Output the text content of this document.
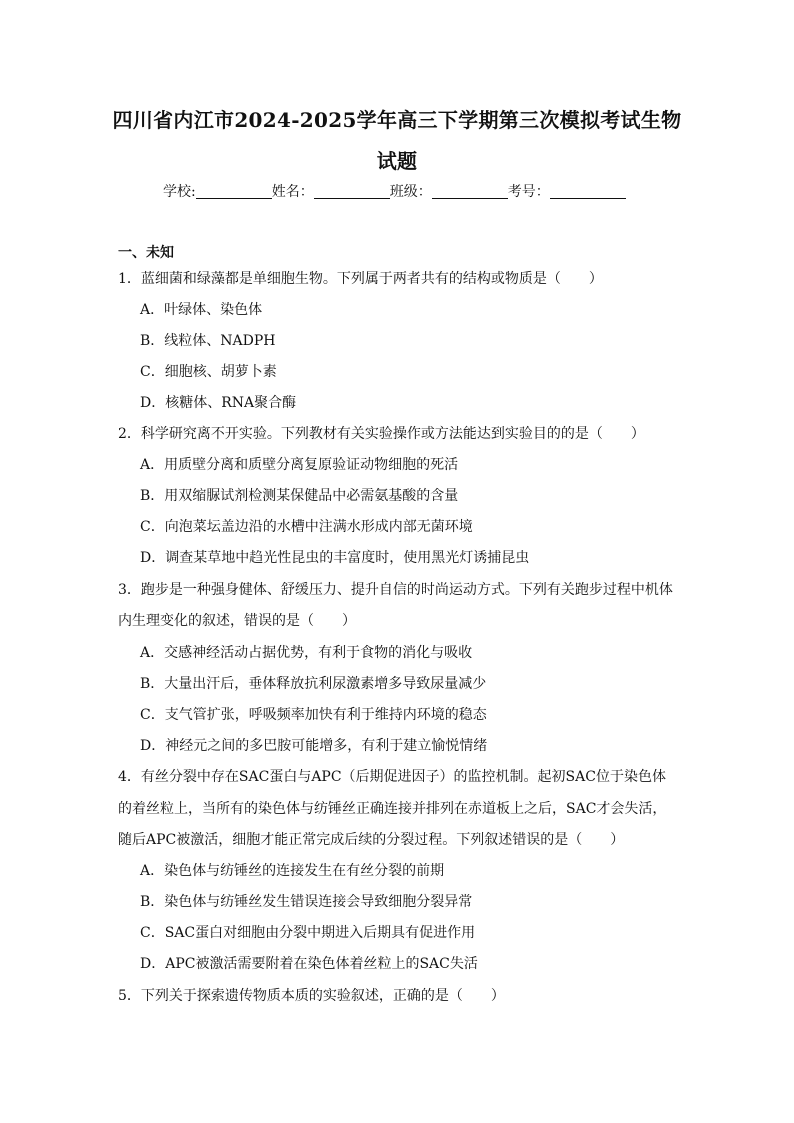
四川省内江市2024-2025学年高三下学期第三次模拟考试生物
试题
学校:	姓名：	班级：	考号：
一、未知
1．蓝细菌和绿藻都是单细胞生物。下列属于两者共有的结构或物质是（　　）
A．叶绿体、染色体
B．线粒体、NADPH
C．细胞核、胡萝卜素
D．核糖体、RNA聚合酶
2．科学研究离不开实验。下列教材有关实验操作或方法能达到实验目的的是（　　）
A．用质壁分离和质壁分离复原验证动物细胞的死活
B．用双缩脲试剂检测某保健品中必需氨基酸的含量
C．向泡菜坛盖边沿的水槽中注满水形成内部无菌环境
D．调查某草地中趋光性昆虫的丰富度时，使用黑光灯诱捕昆虫
3．跑步是一种强身健体、舒缓压力、提升自信的时尚运动方式。下列有关跑步过程中机体
内生理变化的叙述，错误的是（　　）
A．交感神经活动占据优势，有利于食物的消化与吸收
B．大量出汗后，垂体释放抗利尿激素增多导致尿量减少
C．支气管扩张，呼吸频率加快有利于维持内环境的稳态
D．神经元之间的多巴胺可能增多，有利于建立愉悦情绪
4．有丝分裂中存在SAC蛋白与APC（后期促进因子）的监控机制。起初SAC位于染色体
的着丝粒上，当所有的染色体与纺锤丝正确连接并排列在赤道板上之后，SAC才会失活，
随后APC被激活，细胞才能正常完成后续的分裂过程。下列叙述错误的是（　　）
A．染色体与纺锤丝的连接发生在有丝分裂的前期
B．染色体与纺锤丝发生错误连接会导致细胞分裂异常
C．SAC蛋白对细胞由分裂中期进入后期具有促进作用
D．APC被激活需要附着在染色体着丝粒上的SAC失活
5．下列关于探索遗传物质本质的实验叙述，正确的是（　　）
